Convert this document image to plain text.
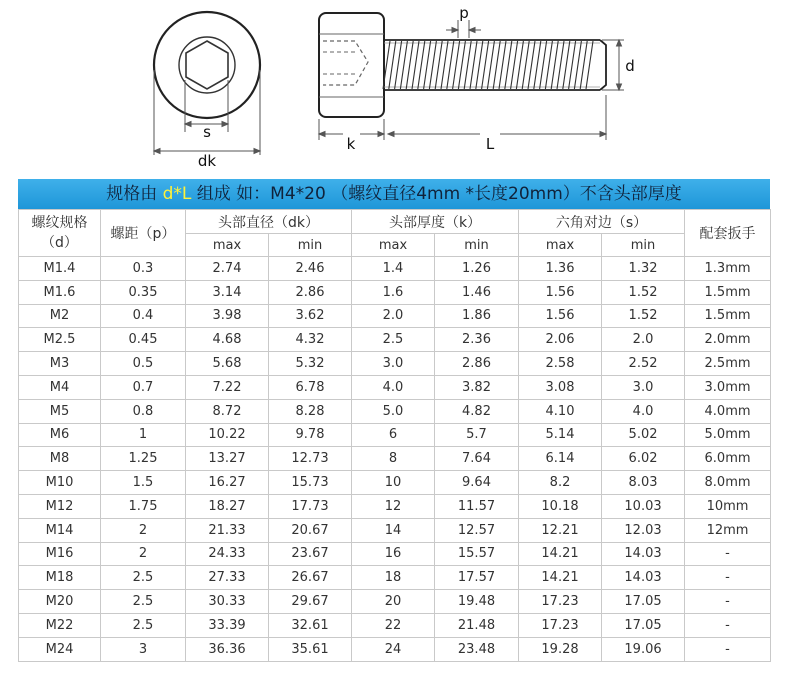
s
dk
p
d
k	L
规格由 d*L 组成 如：M4*20 （螺纹直径4mm *长度20mm）不含头部厚度
螺纹规格
（d）	螺距（p）	头部直径（dk）		头部厚度（k）		六角对边（s）		配套扳手
		max	min	max	min	max	min	
M1.4	0.3	2.74	2.46	1.4	1.26	1.36	1.32	1.3mm
M1.6	0.35	3.14	2.86	1.6	1.46	1.56	1.52	1.5mm
M2	0.4	3.98	3.62	2.0	1.86	1.56	1.52	1.5mm
M2.5	0.45	4.68	4.32	2.5	2.36	2.06	2.0	2.0mm
M3	0.5	5.68	5.32	3.0	2.86	2.58	2.52	2.5mm
M4	0.7	7.22	6.78	4.0	3.82	3.08	3.0	3.0mm
M5	0.8	8.72	8.28	5.0	4.82	4.10	4.0	4.0mm
M6	1	10.22	9.78	6	5.7	5.14	5.02	5.0mm
M8	1.25	13.27	12.73	8	7.64	6.14	6.02	6.0mm
M10	1.5	16.27	15.73	10	9.64	8.2	8.03	8.0mm
M12	1.75	18.27	17.73	12	11.57	10.18	10.03	10mm
M14	2	21.33	20.67	14	12.57	12.21	12.03	12mm
M16	2	24.33	23.67	16	15.57	14.21	14.03	-
M18	2.5	27.33	26.67	18	17.57	14.21	14.03	-
M20	2.5	30.33	29.67	20	19.48	17.23	17.05	-
M22	2.5	33.39	32.61	22	21.48	17.23	17.05	-
M24	3	36.36	35.61	24	23.48	19.28	19.06	-
